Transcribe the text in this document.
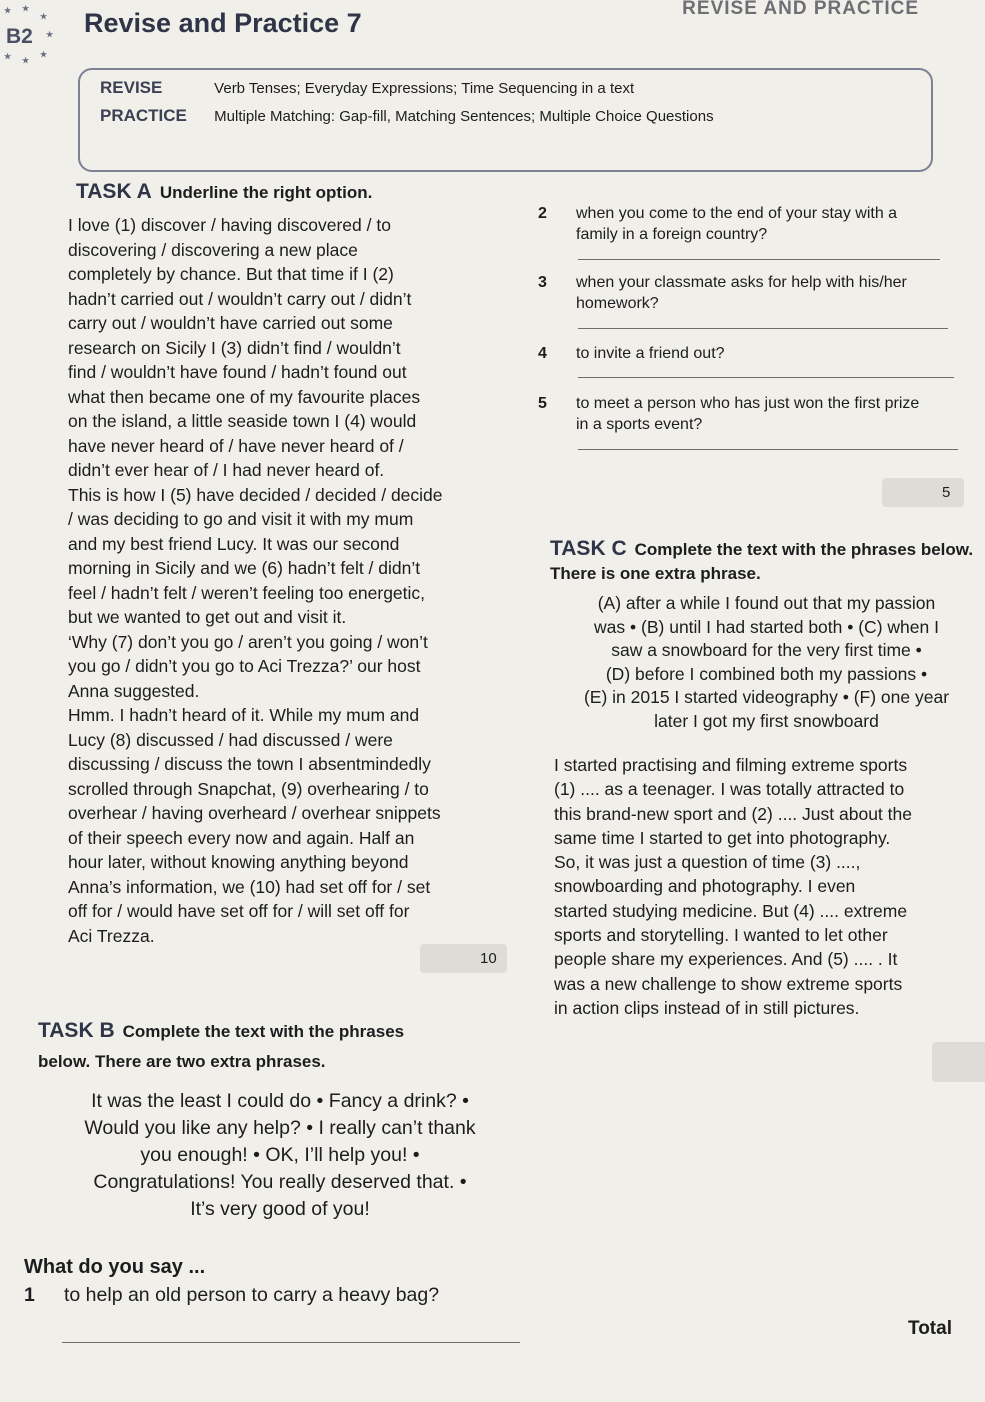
REVISE AND PRACTICE
★ ★
★
★
★
★
★
B2 Revise and Practice 7
REVISE	Verb Tenses; Everyday Expressions; Time Sequencing in a text
PRACTICE Multiple Matching: Gap-fill, Matching Sentences; Multiple Choice Questions
TASK A Underline the right option.
I love (1) discover / having discovered / to
discovering / discovering a new place
completely by chance. But that time if I (2)
hadn’t carried out / wouldn’t carry out / didn’t
carry out / wouldn’t have carried out some
research on Sicily I (3) didn’t find / wouldn’t
find / wouldn’t have found / hadn’t found out
what then became one of my favourite places
on the island, a little seaside town I (4) would
have never heard of / have never heard of /
didn’t ever hear of / I had never heard of.
This is how I (5) have decided / decided / decide
/ was deciding to go and visit it with my mum
and my best friend Lucy. It was our second
morning in Sicily and we (6) hadn’t felt / didn’t
feel / hadn’t felt / weren’t feeling too energetic,
but we wanted to get out and visit it.
‘Why (7) don’t you go / aren’t you going / won’t
you go / didn’t you go to Aci Trezza?’ our host
Anna suggested.
Hmm. I hadn’t heard of it. While my mum and
Lucy (8) discussed / had discussed / were
discussing / discuss the town I absentmindedly
scrolled through Snapchat, (9) overhearing / to
overhear / having overheard / overhear snippets
of their speech every now and again. Half an
hour later, without knowing anything beyond
Anna’s information, we (10) had set off for / set
off for / would have set off for / will set off for
Aci Trezza.
10
2 when you come to the end of your stay with a family in a foreign country?
3 when your classmate asks for help with his/her homework?
4 to invite a friend out?
5 to meet a person who has just won the first prize in a sports event?
5
TASK C Complete the text with the phrases below. There is one extra phrase.
(A) after a while I found out that my passion
was • (B) until I had started both • (C) when I
saw a snowboard for the very first time •
(D) before I combined both my passions •
(E) in 2015 I started videography • (F) one year
later I got my first snowboard
I started practising and filming extreme sports
(1) .... as a teenager. I was totally attracted to
this brand-new sport and (2) .... Just about the
same time I started to get into photography.
So, it was just a question of time (3) ....,
snowboarding and photography. I even
started studying medicine. But (4) .... extreme
sports and storytelling. I wanted to let other
people share my experiences. And (5) .... . It
was a new challenge to show extreme sports
in action clips instead of in still pictures.
TASK B Complete the text with the phrases
below. There are two extra phrases.
It was the least I could do • Fancy a drink? •
Would you like any help? • I really can’t thank
you enough! • OK, I’ll help you! •
Congratulations! You really deserved that. •
It’s very good of you!
What do you say ...
1 to help an old person to carry a heavy bag?
Total
